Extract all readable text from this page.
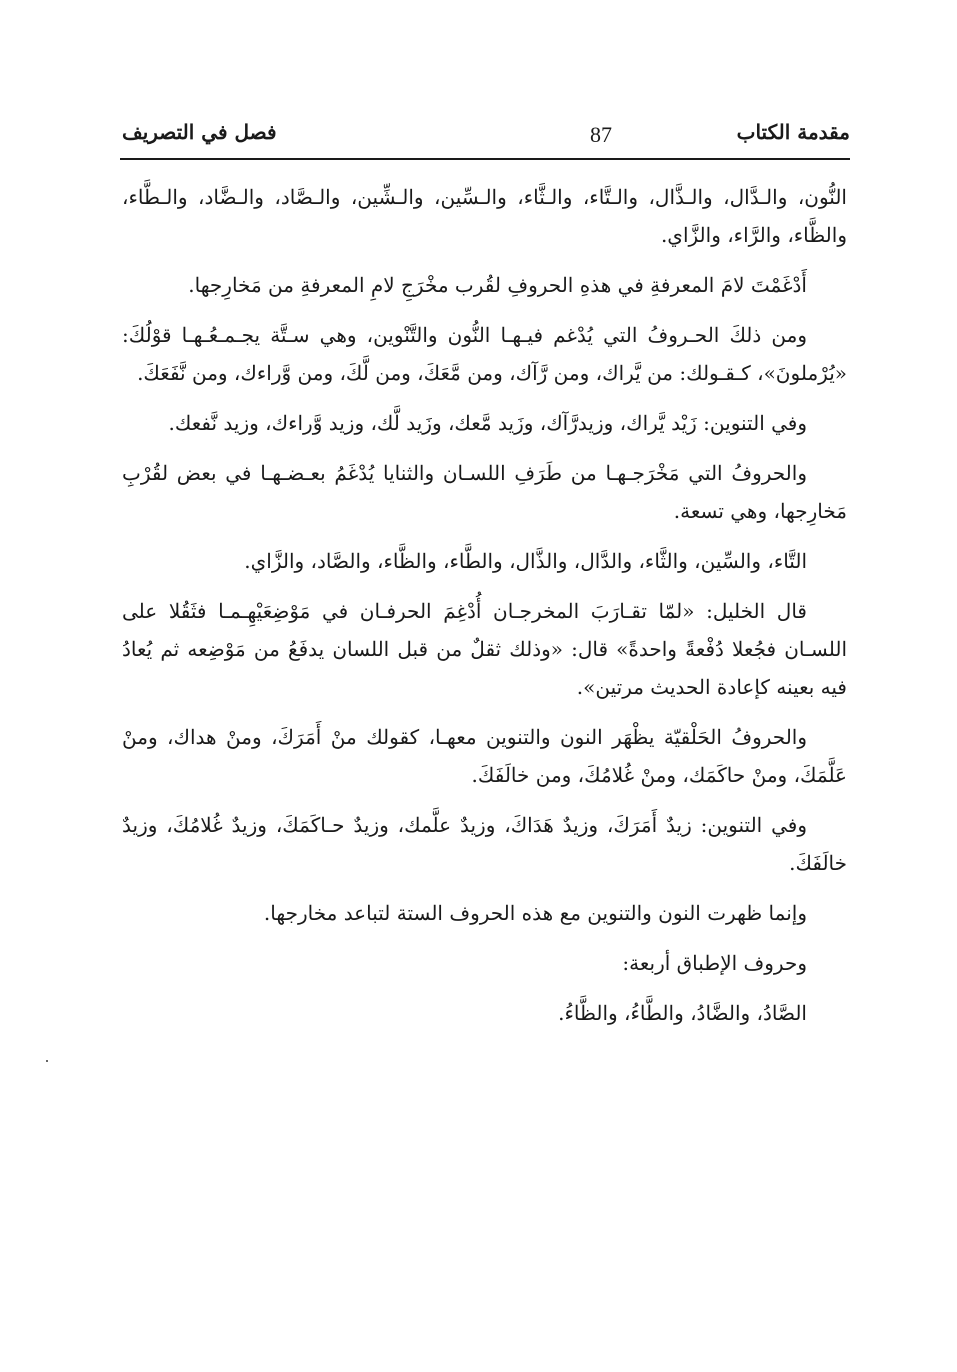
مقدمة الكتاب
87
فصل في التصريف

النُّون، والـدَّال، والـذَّال، والـتَّاء، والـثَّاء، والـسِّين، والـشِّين، والـصَّاد، والـضَّاد، والـطَّاء، والظَّاء، والرَّاء، والزَّاي.

أَدْغَمْتَ لامَ المعرفةِ في هذهِ الحروفِ لقُرب مخْرَجِ لامِ المعرفةِ من مَخارِجها.

ومن ذلكَ الحـروفُ التي يُدْغم فيـهـا النُّون والتَّنْوين، وهي سـتَّة يجـمـعُـهـا قوْلُكَ: «يُرْملونَ»، كـقـولك: من يَّراك، ومن رَّآك، ومن مَّعَكَ، ومن لَّكَ، ومن وَّراءك، ومن نَّفَعَكَ.

وفي التنوين: زَيْد يَّراك، وزيدرَّآك، وزَيد مَّعك، وزَيد لَّك، وزيد وَّراءك، وزيد نَّفعك.

والحروفُ التي مَخْرَجـهـا من طَرَفِ اللسـان والثنايا يُدْغَمُ بعـضـهـا في بعض لقُرْبِ مَخارِجها، وهي تسعة.

التَّاء، والسِّين، والثَّاء، والدَّال، والذَّال، والطَّاء، والظَّاء، والصَّاد، والزَّاي.

قال الخليل: «لمّا تقـارَبَ المخرجـان أُدْغِمَ الحرفـان في مَوْضِعَيْهِـمـا فثَقُلا على اللسـان فجُعلا دُفْعةً واحدةً» قال: «وذلك ثقلٌ من قبل اللسان يدفَعُ من مَوْضِعه ثم يُعادُ فيه بعينه كإعادة الحديث مرتين».

والحروفُ الحَلْقيّة يظْهَر النون والتنوين معهـا، كقولك منْ أَمَرَكَ، ومنْ هداك، ومنْ عَلَّمَكَ، ومنْ حاكَمَك، ومنْ غُلامُكَ، ومن خالَفَكَ.

وفي التنوين: زيدٌ أَمَرَكَ، وزيدٌ هَدَاكَ، وزيدٌ علَّمك، وزيدٌ حـاكَمَكَ، وزيدٌ غُلامُكَ، وزيدٌ خالَفَكَ.

وإنما ظهرت النون والتنوين مع هذه الحروف الستة لتباعد مخارجها.

وحروف الإطباق أربعة:

الصَّادُ، والضَّادُ، والطَّاءُ، والظَّاءُ.
